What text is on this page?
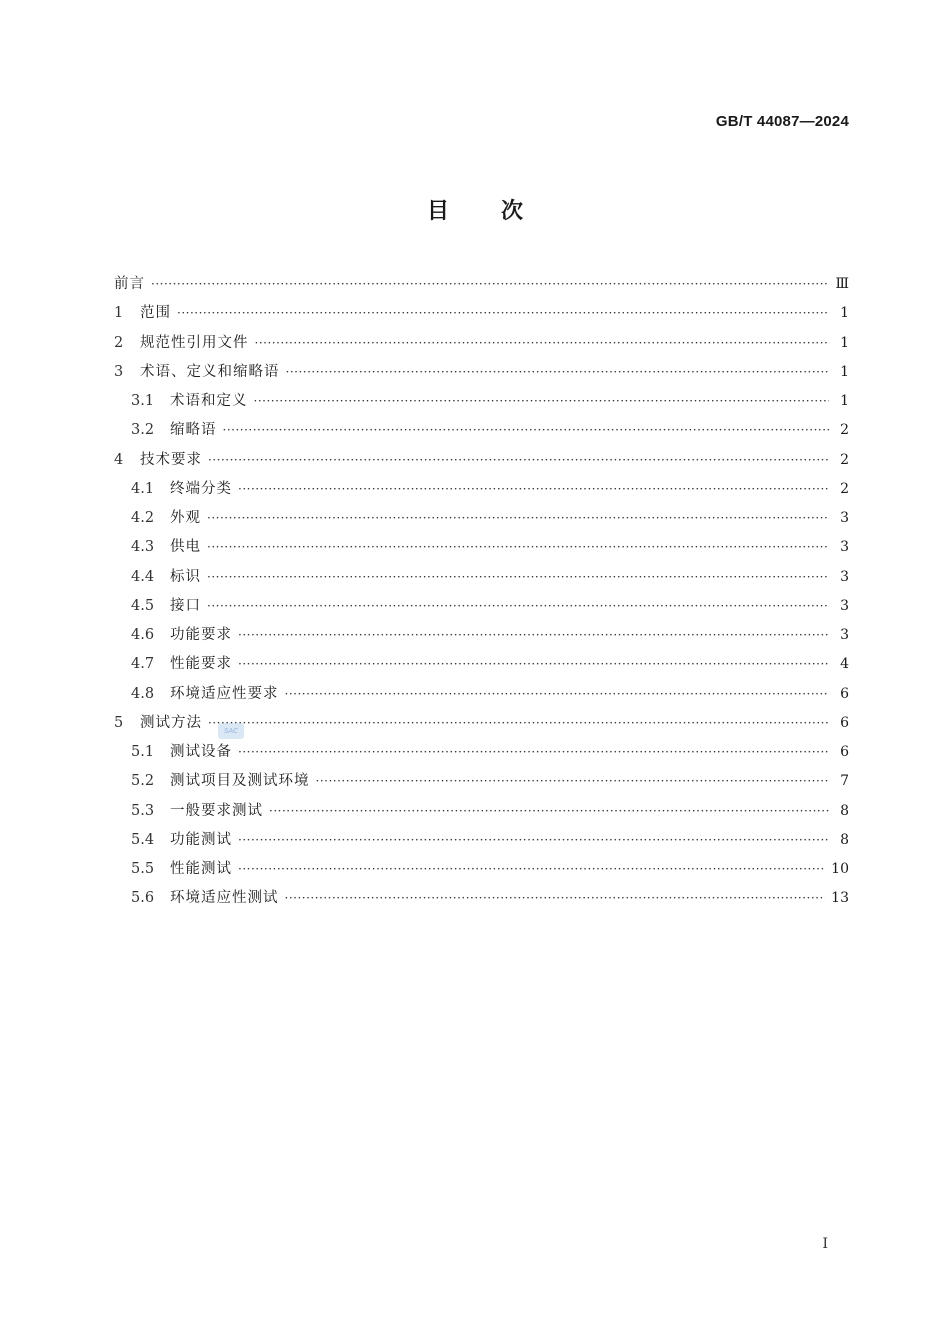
GB/T 44087—2024
目次
前言 ·····	Ⅲ
1	范围 ·····	1
2	规范性引用文件 ·····	1
3	术语、定义和缩略语 ·····	1
3.1	术语和定义 ·····	1
3.2	缩略语 ·····	2
4	技术要求 ·····	2
4.1	终端分类 ·····	2
4.2	外观 ·····	3
4.3	供电 ·····	3
4.4	标识 ·····	3
4.5	接口 ·····	3
4.6	功能要求 ·····	3
4.7	性能要求 ·····	4
4.8	环境适应性要求 ·····	6
5	测试方法 ·····	6
5.1	测试设备 ·····	6
5.2	测试项目及测试环境 ·····	7
5.3	一般要求测试 ·····	8
5.4	功能测试 ·····	8
5.5	性能测试 ·····	10
5.6	环境适应性测试 ·····	13
SAC
I
